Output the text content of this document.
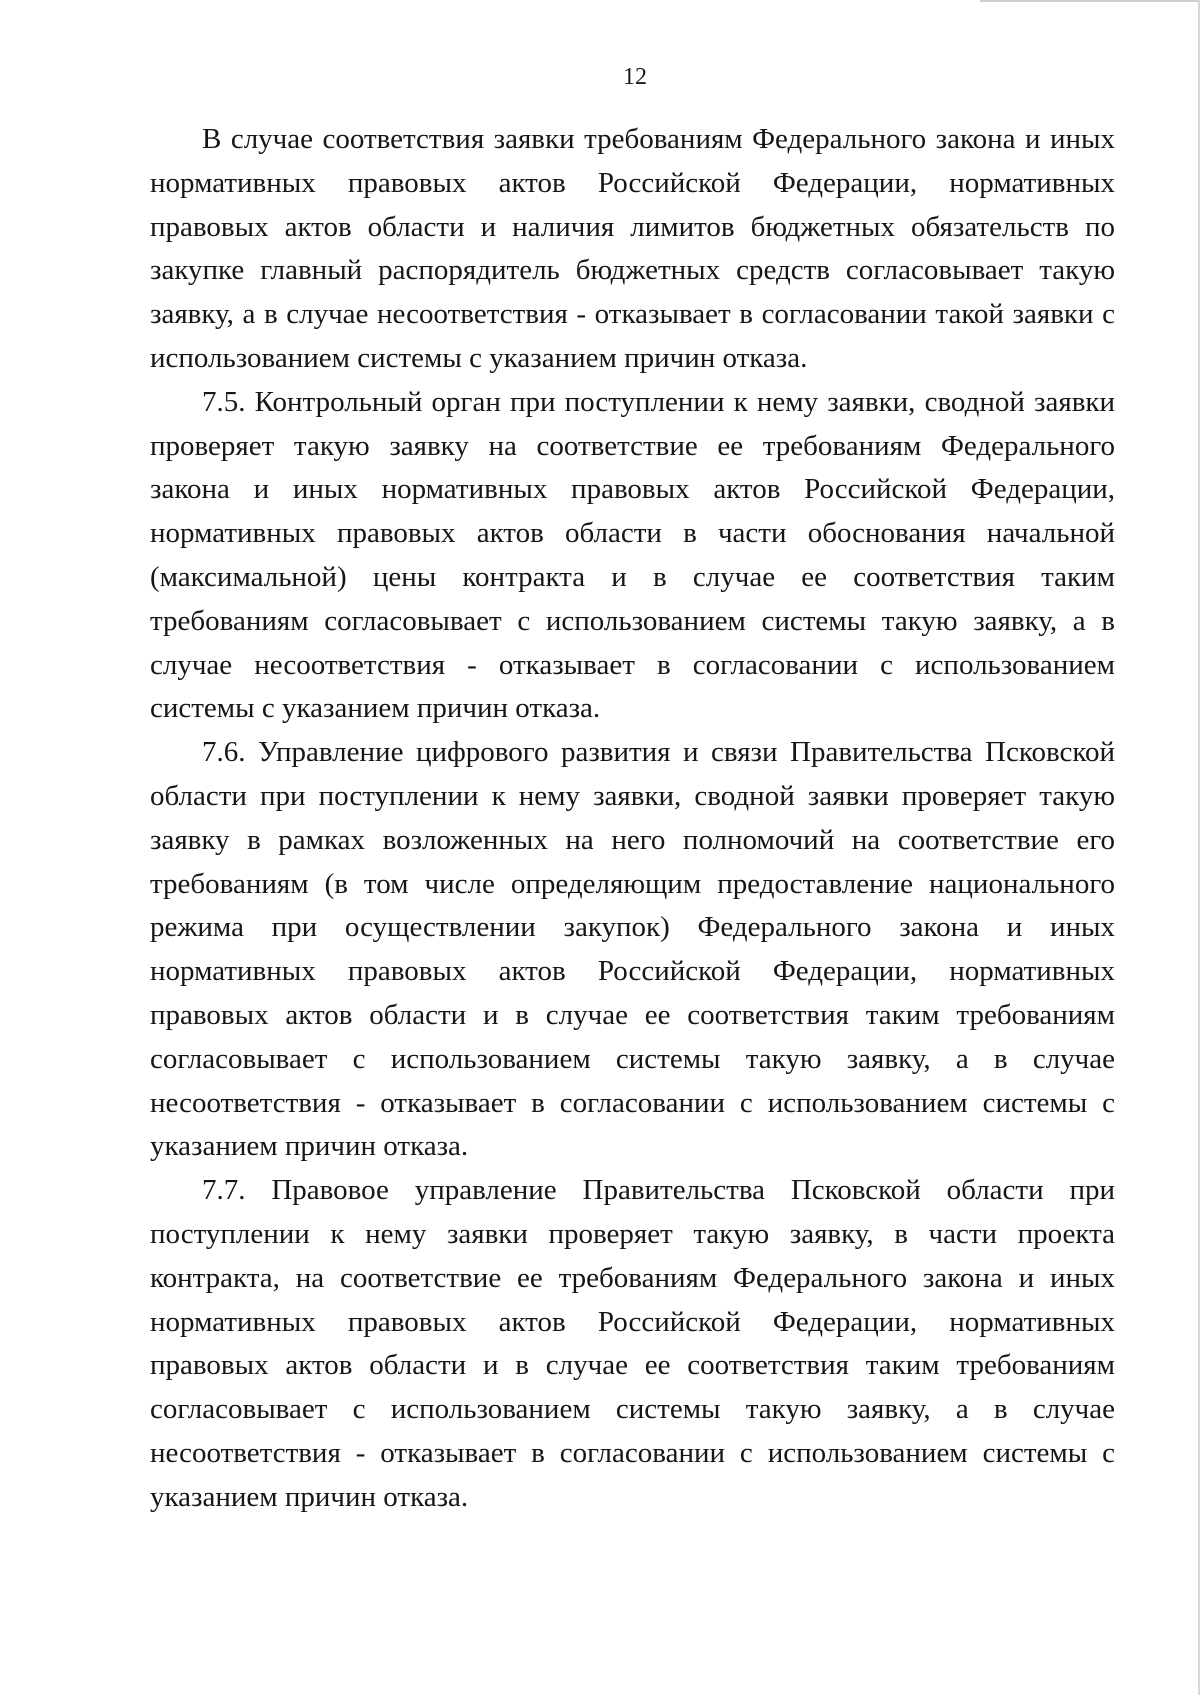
12

В случае соответствия заявки требованиям Федерального закона и иных нормативных правовых актов Российской Федерации, нормативных правовых актов области и наличия лимитов бюджетных обязательств по закупке главный распорядитель бюджетных средств согласовывает такую заявку, а в случае несоответствия - отказывает в согласовании такой заявки с использованием системы с указанием причин отказа.

7.5. Контрольный орган при поступлении к нему заявки, сводной заявки проверяет такую заявку на соответствие ее требованиям Федерального закона и иных нормативных правовых актов Российской Федерации, нормативных правовых актов области в части обоснования начальной (максимальной) цены контракта и в случае ее соответствия таким требованиям согласовывает с использованием системы такую заявку, а в случае несоответствия - отказывает в согласовании с использованием системы с указанием причин отказа.

7.6. Управление цифрового развития и связи Правительства Псковской области при поступлении к нему заявки, сводной заявки проверяет такую заявку в рамках возложенных на него полномочий на соответствие его требованиям (в том числе определяющим предоставление национального режима при осуществлении закупок) Федерального закона и иных нормативных правовых актов Российской Федерации, нормативных правовых актов области и в случае ее соответствия таким требованиям согласовывает с использованием системы такую заявку, а в случае несоответствия - отказывает в согласовании с использованием системы с указанием причин отказа.

7.7. Правовое управление Правительства Псковской области при поступлении к нему заявки проверяет такую заявку, в части проекта контракта, на соответствие ее требованиям Федерального закона и иных нормативных правовых актов Российской Федерации, нормативных правовых актов области и в случае ее соответствия таким требованиям согласовывает с использованием системы такую заявку, а в случае несоответствия - отказывает в согласовании с использованием системы с указанием причин отказа.
